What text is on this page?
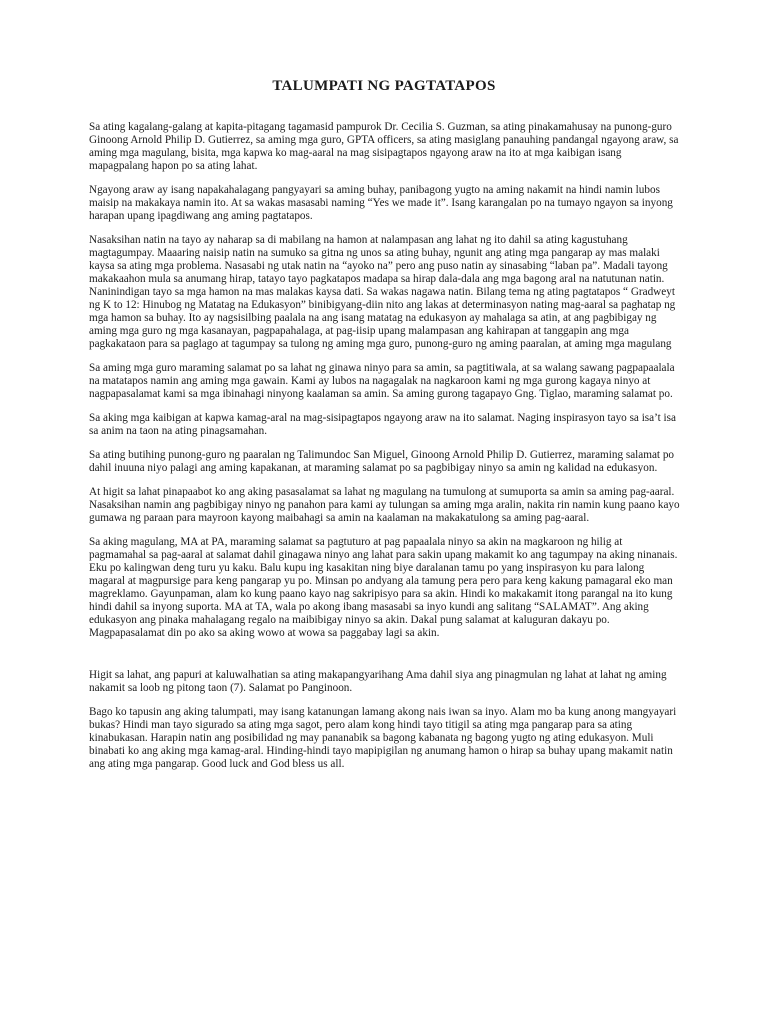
TALUMPATI NG PAGTATAPOS

Sa ating kagalang-galang at kapita-pitagang tagamasid pampurok Dr. Cecilia S. Guzman, sa ating pinakamahusay na punong-guro Ginoong Arnold Philip D. Gutierrez, sa aming mga guro, GPTA officers, sa ating masiglang panauhing pandangal ngayong araw, sa aming mga magulang, bisita, mga kapwa ko mag-aaral na mag sisipagtapos ngayong araw na ito at mga kaibigan isang mapagpalang hapon po sa ating lahat.

Ngayong araw ay isang napakahalagang pangyayari sa aming buhay, panibagong yugto na aming nakamit na hindi namin lubos maisip na makakaya namin ito. At sa wakas masasabi naming “Yes we made it”. Isang karangalan po na tumayo ngayon sa inyong harapan upang ipagdiwang ang aming pagtatapos.

Nasaksihan natin na tayo ay naharap sa di mabilang na hamon at nalampasan ang lahat ng ito dahil sa ating kagustuhang magtagumpay. Maaaring naisip natin na sumuko sa gitna ng unos sa ating buhay, ngunit ang ating mga pangarap ay mas malaki kaysa sa ating mga problema. Nasasabi ng utak natin na “ayoko na” pero ang puso natin ay sinasabing “laban pa”. Madali tayong makakaahon mula sa anumang hirap, tatayo tayo pagkatapos madapa sa hirap dala-dala ang mga bagong aral na natutunan natin. Naninindigan tayo sa mga hamon na mas malakas kaysa dati. Sa wakas nagawa natin. Bilang tema ng ating pagtatapos “ Gradweyt ng K to 12: Hinubog ng Matatag na Edukasyon” binibigyang-diin nito ang lakas at determinasyon nating mag-aaral sa paghatap ng mga hamon sa buhay. Ito ay nagsisilbing paalala na ang isang matatag na edukasyon ay mahalaga sa atin, at ang pagbibigay ng aming mga guro ng mga kasanayan, pagpapahalaga, at pag-iisip upang malampasan ang kahirapan at tanggapin ang mga pagkakataon para sa paglago at tagumpay sa tulong ng aming mga guro, punong-guro ng aming paaralan, at aming mga magulang

Sa aming mga guro maraming salamat po sa lahat ng ginawa ninyo para sa amin, sa pagtitiwala, at sa walang sawang pagpapaalala na matatapos namin ang aming mga gawain. Kami ay lubos na nagagalak na nagkaroon kami ng mga gurong kagaya ninyo at nagpapasalamat kami sa mga ibinahagi ninyong kaalaman sa amin. Sa aming gurong tagapayo Gng. Tiglao, maraming salamat po.

Sa aking mga kaibigan at kapwa kamag-aral na mag-sisipagtapos ngayong araw na ito salamat. Naging inspirasyon tayo sa isa’t isa sa anim na taon na ating pinagsamahan.

Sa ating butihing punong-guro ng paaralan ng Talimundoc San Miguel, Ginoong Arnold Philip D. Gutierrez, maraming salamat po dahil inuuna niyo palagi ang aming kapakanan, at maraming salamat po sa pagbibigay ninyo sa amin ng kalidad na edukasyon.

At higit sa lahat pinapaabot ko ang aking pasasalamat sa lahat ng magulang na tumulong at sumuporta sa amin sa aming pag-aaral. Nasaksihan namin ang pagbibigay ninyo ng panahon para kami ay tulungan sa aming mga aralin, nakita rin namin kung paano kayo gumawa ng paraan para mayroon kayong maibahagi sa amin na kaalaman na makakatulong sa aming pag-aaral.

Sa aking magulang, MA at PA, maraming salamat sa pagtuturo at pag papaalala ninyo sa akin na magkaroon ng hilig at pagmamahal sa pag-aaral at salamat dahil ginagawa ninyo ang lahat para sakin upang makamit ko ang tagumpay na aking ninanais. Eku po kalingwan deng turu yu kaku. Balu kupu ing kasakitan ning biye daralanan tamu po yang inspirasyon ku para lalong magaral at magpursige para keng pangarap yu po. Minsan po andyang ala tamung pera pero para keng kakung pamagaral eko man magreklamo. Gayunpaman, alam ko kung paano kayo nag sakripisyo para sa akin. Hindi ko makakamit itong parangal na ito kung hindi dahil sa inyong suporta. MA at TA, wala po akong ibang masasabi sa inyo kundi ang salitang “SALAMAT”. Ang aking edukasyon ang pinaka mahalagang regalo na maibibigay ninyo sa akin. Dakal pung salamat at kaluguran dakayu po. Magpapasalamat din po ako sa aking wowo at wowa sa paggabay lagi sa akin.

Higit sa lahat, ang papuri at kaluwalhatian sa ating makapangyarihang Ama dahil siya ang pinagmulan ng lahat at lahat ng aming nakamit sa loob ng pitong taon (7). Salamat po Panginoon.

Bago ko tapusin ang aking talumpati, may isang katanungan lamang akong nais iwan sa inyo. Alam mo ba kung anong mangyayari bukas? Hindi man tayo sigurado sa ating mga sagot, pero alam kong hindi tayo titigil sa ating mga pangarap para sa ating kinabukasan. Harapin natin ang posibilidad ng may pananabik sa bagong kabanata ng bagong yugto ng ating edukasyon. Muli binabati ko ang aking mga kamag-aral. Hinding-hindi tayo mapipigilan ng anumang hamon o hirap sa buhay upang makamit natin ang ating mga pangarap. Good luck and God bless us all.
